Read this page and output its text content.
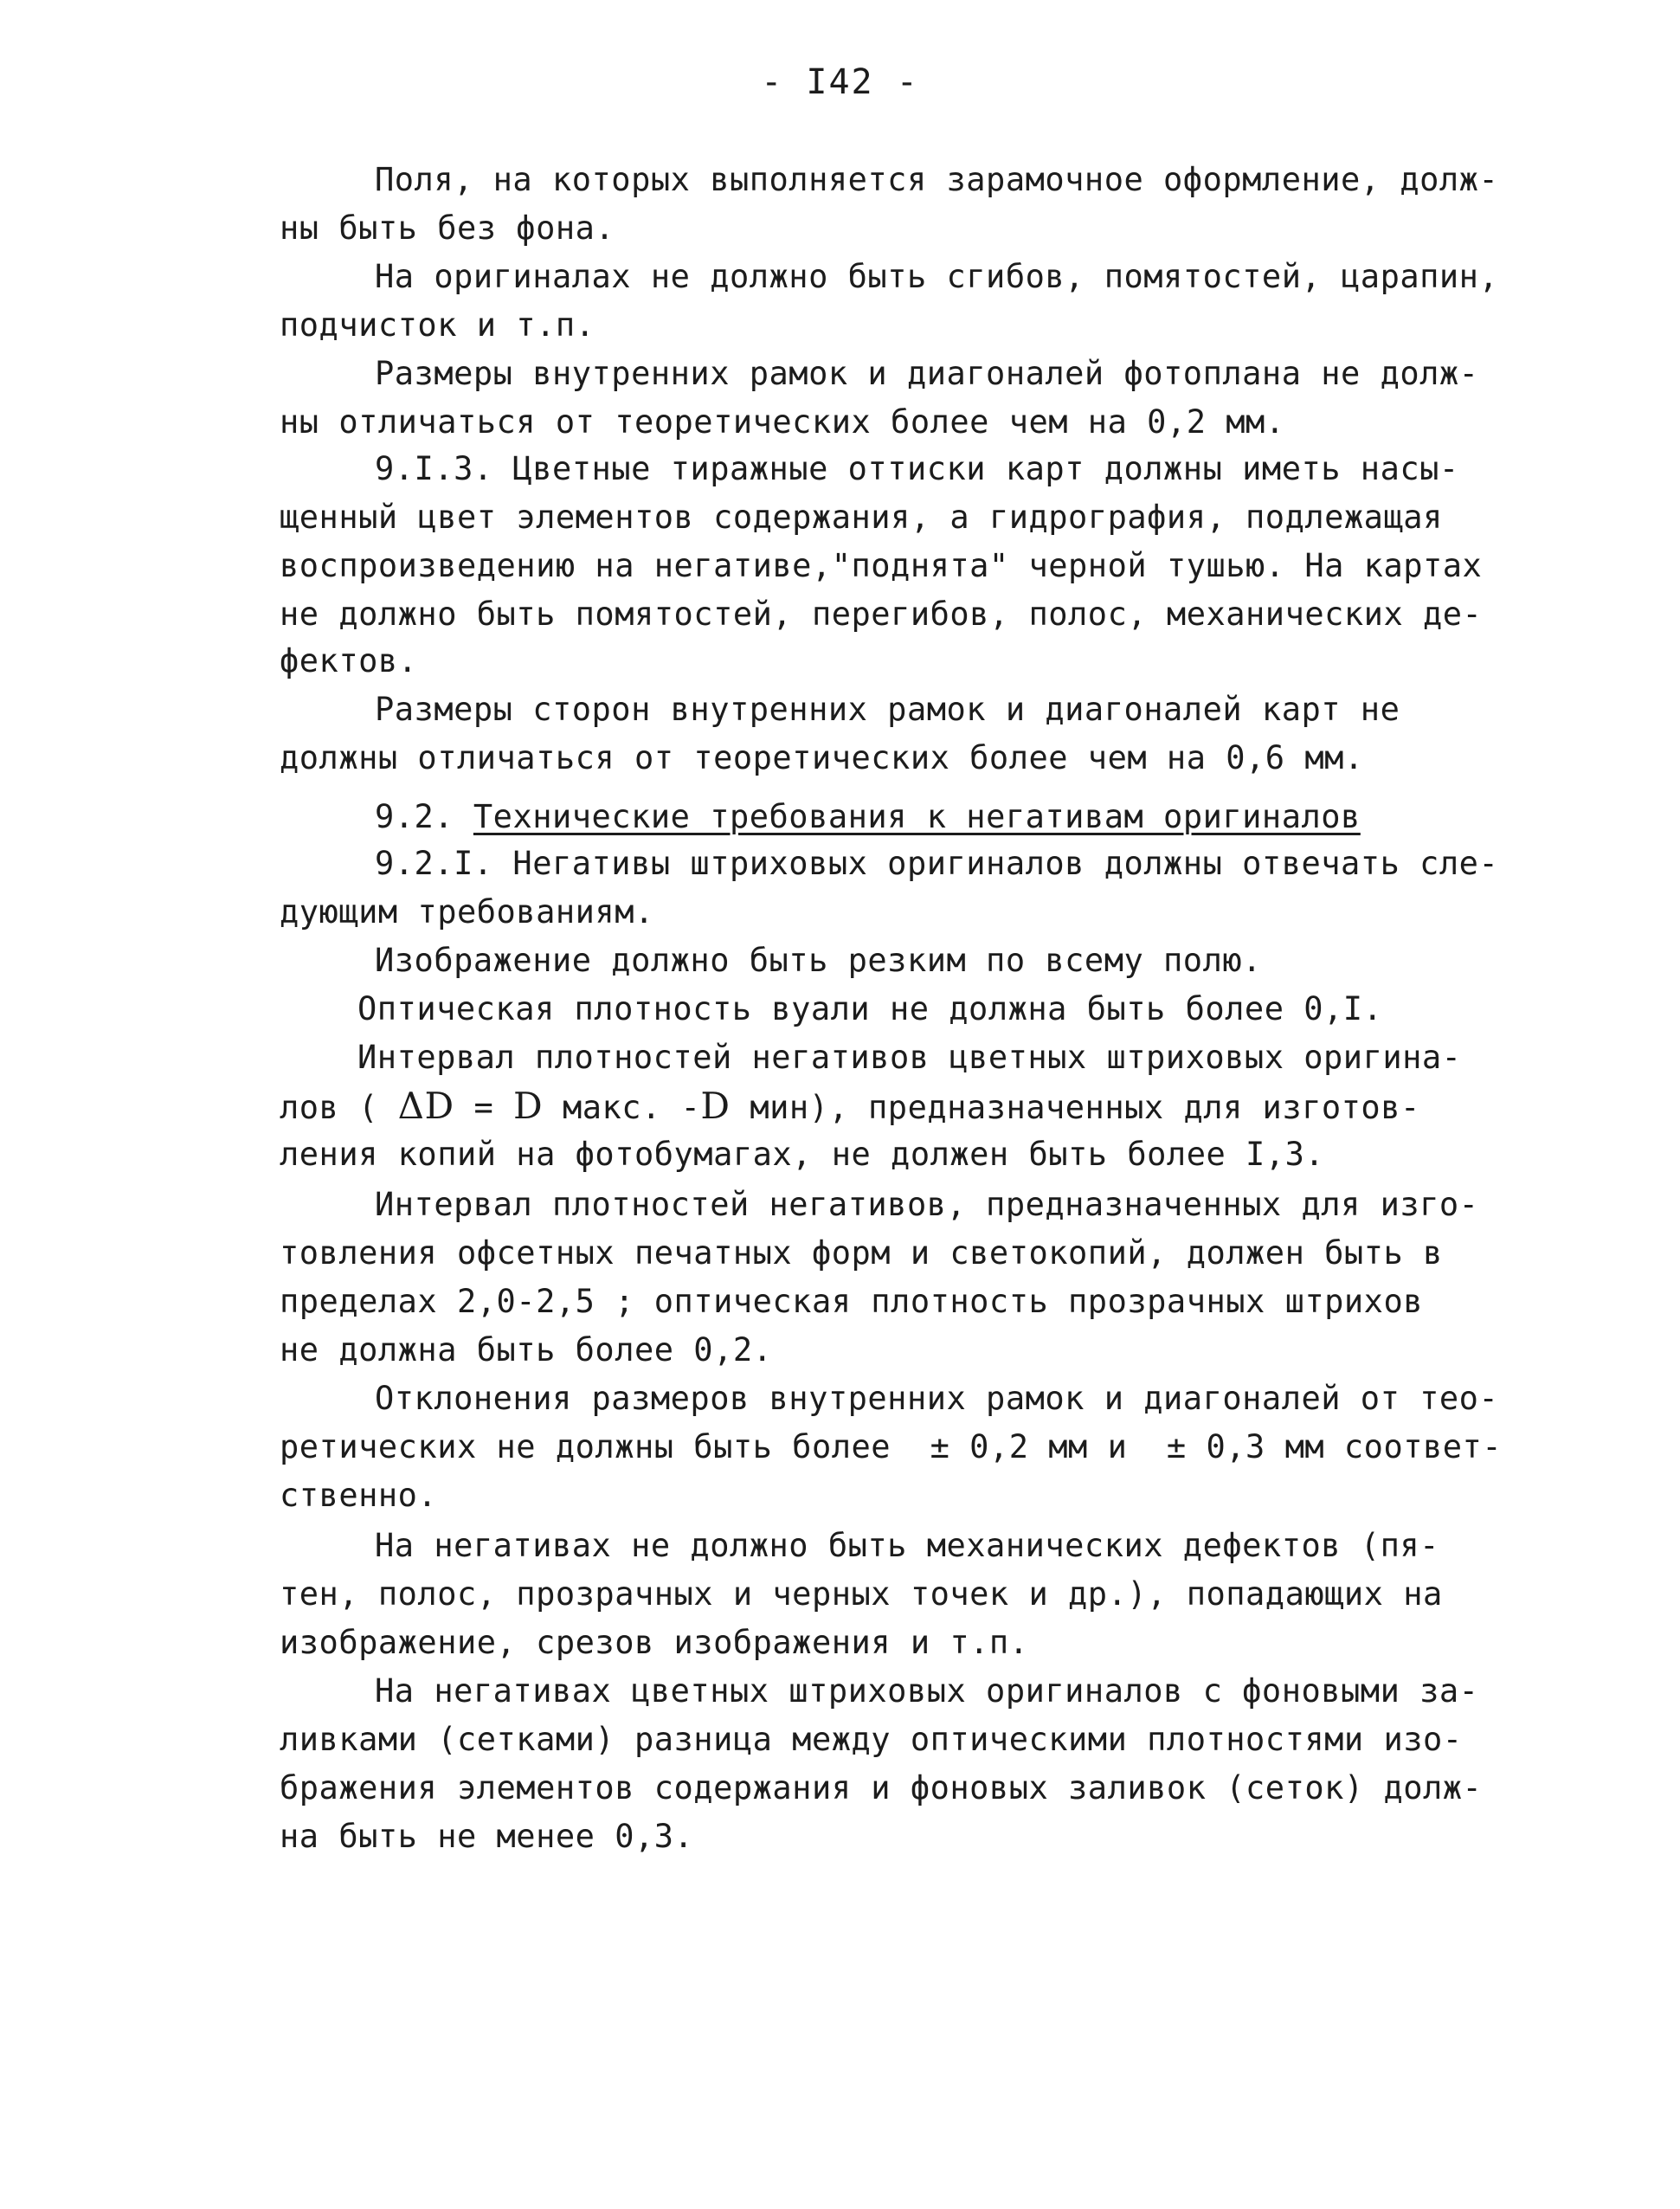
- I42 -
Поля, на которых выполняется зарамочное оформление, долж-
ны быть без фона.
На оригиналах не должно быть сгибов, помятостей, царапин,
подчисток и т.п.
Размеры внутренних рамок и диагоналей фотоплана не долж-
ны отличаться от теоретических более чем на 0,2 мм.
9.I.3. Цветные тиражные оттиски карт должны иметь насы-
щенный цвет элементов содержания, а гидрография, подлежащая
воспроизведению на негативе,"поднята" черной тушью. На картах
не должно быть помятостей, перегибов, полос, механических де-
фектов.
Размеры сторон внутренних рамок и диагоналей карт не
должны отличаться от теоретических более чем на 0,6 мм.
9.2. Технические требования к негативам оригиналов
9.2.I. Негативы штриховых оригиналов должны отвечать сле-
дующим требованиям.
Изображение должно быть резким по всему полю.
Оптическая плотность вуали не должна быть более 0,I.
Интервал плотностей негативов цветных штриховых оригина-
лов ( ΔD = D макс. -D мин), предназначенных для изготов-
ления копий на фотобумагах, не должен быть более I,3.
Интервал плотностей негативов, предназначенных для изго-
товления офсетных печатных форм и светокопий, должен быть в
пределах 2,0-2,5 ; оптическая плотность прозрачных штрихов
не должна быть более 0,2.
Отклонения размеров внутренних рамок и диагоналей от тео-
ретических не должны быть более  ± 0,2 мм и  ± 0,3 мм соответ-
ственно.
На негативах не должно быть механических дефектов (пя-
тен, полос, прозрачных и черных точек и др.), попадающих на
изображение, срезов изображения и т.п.
На негативах цветных штриховых оригиналов с фоновыми за-
ливками (сетками) разница между оптическими плотностями изо-
бражения элементов содержания и фоновых заливок (сеток) долж-
на быть не менее 0,3.
